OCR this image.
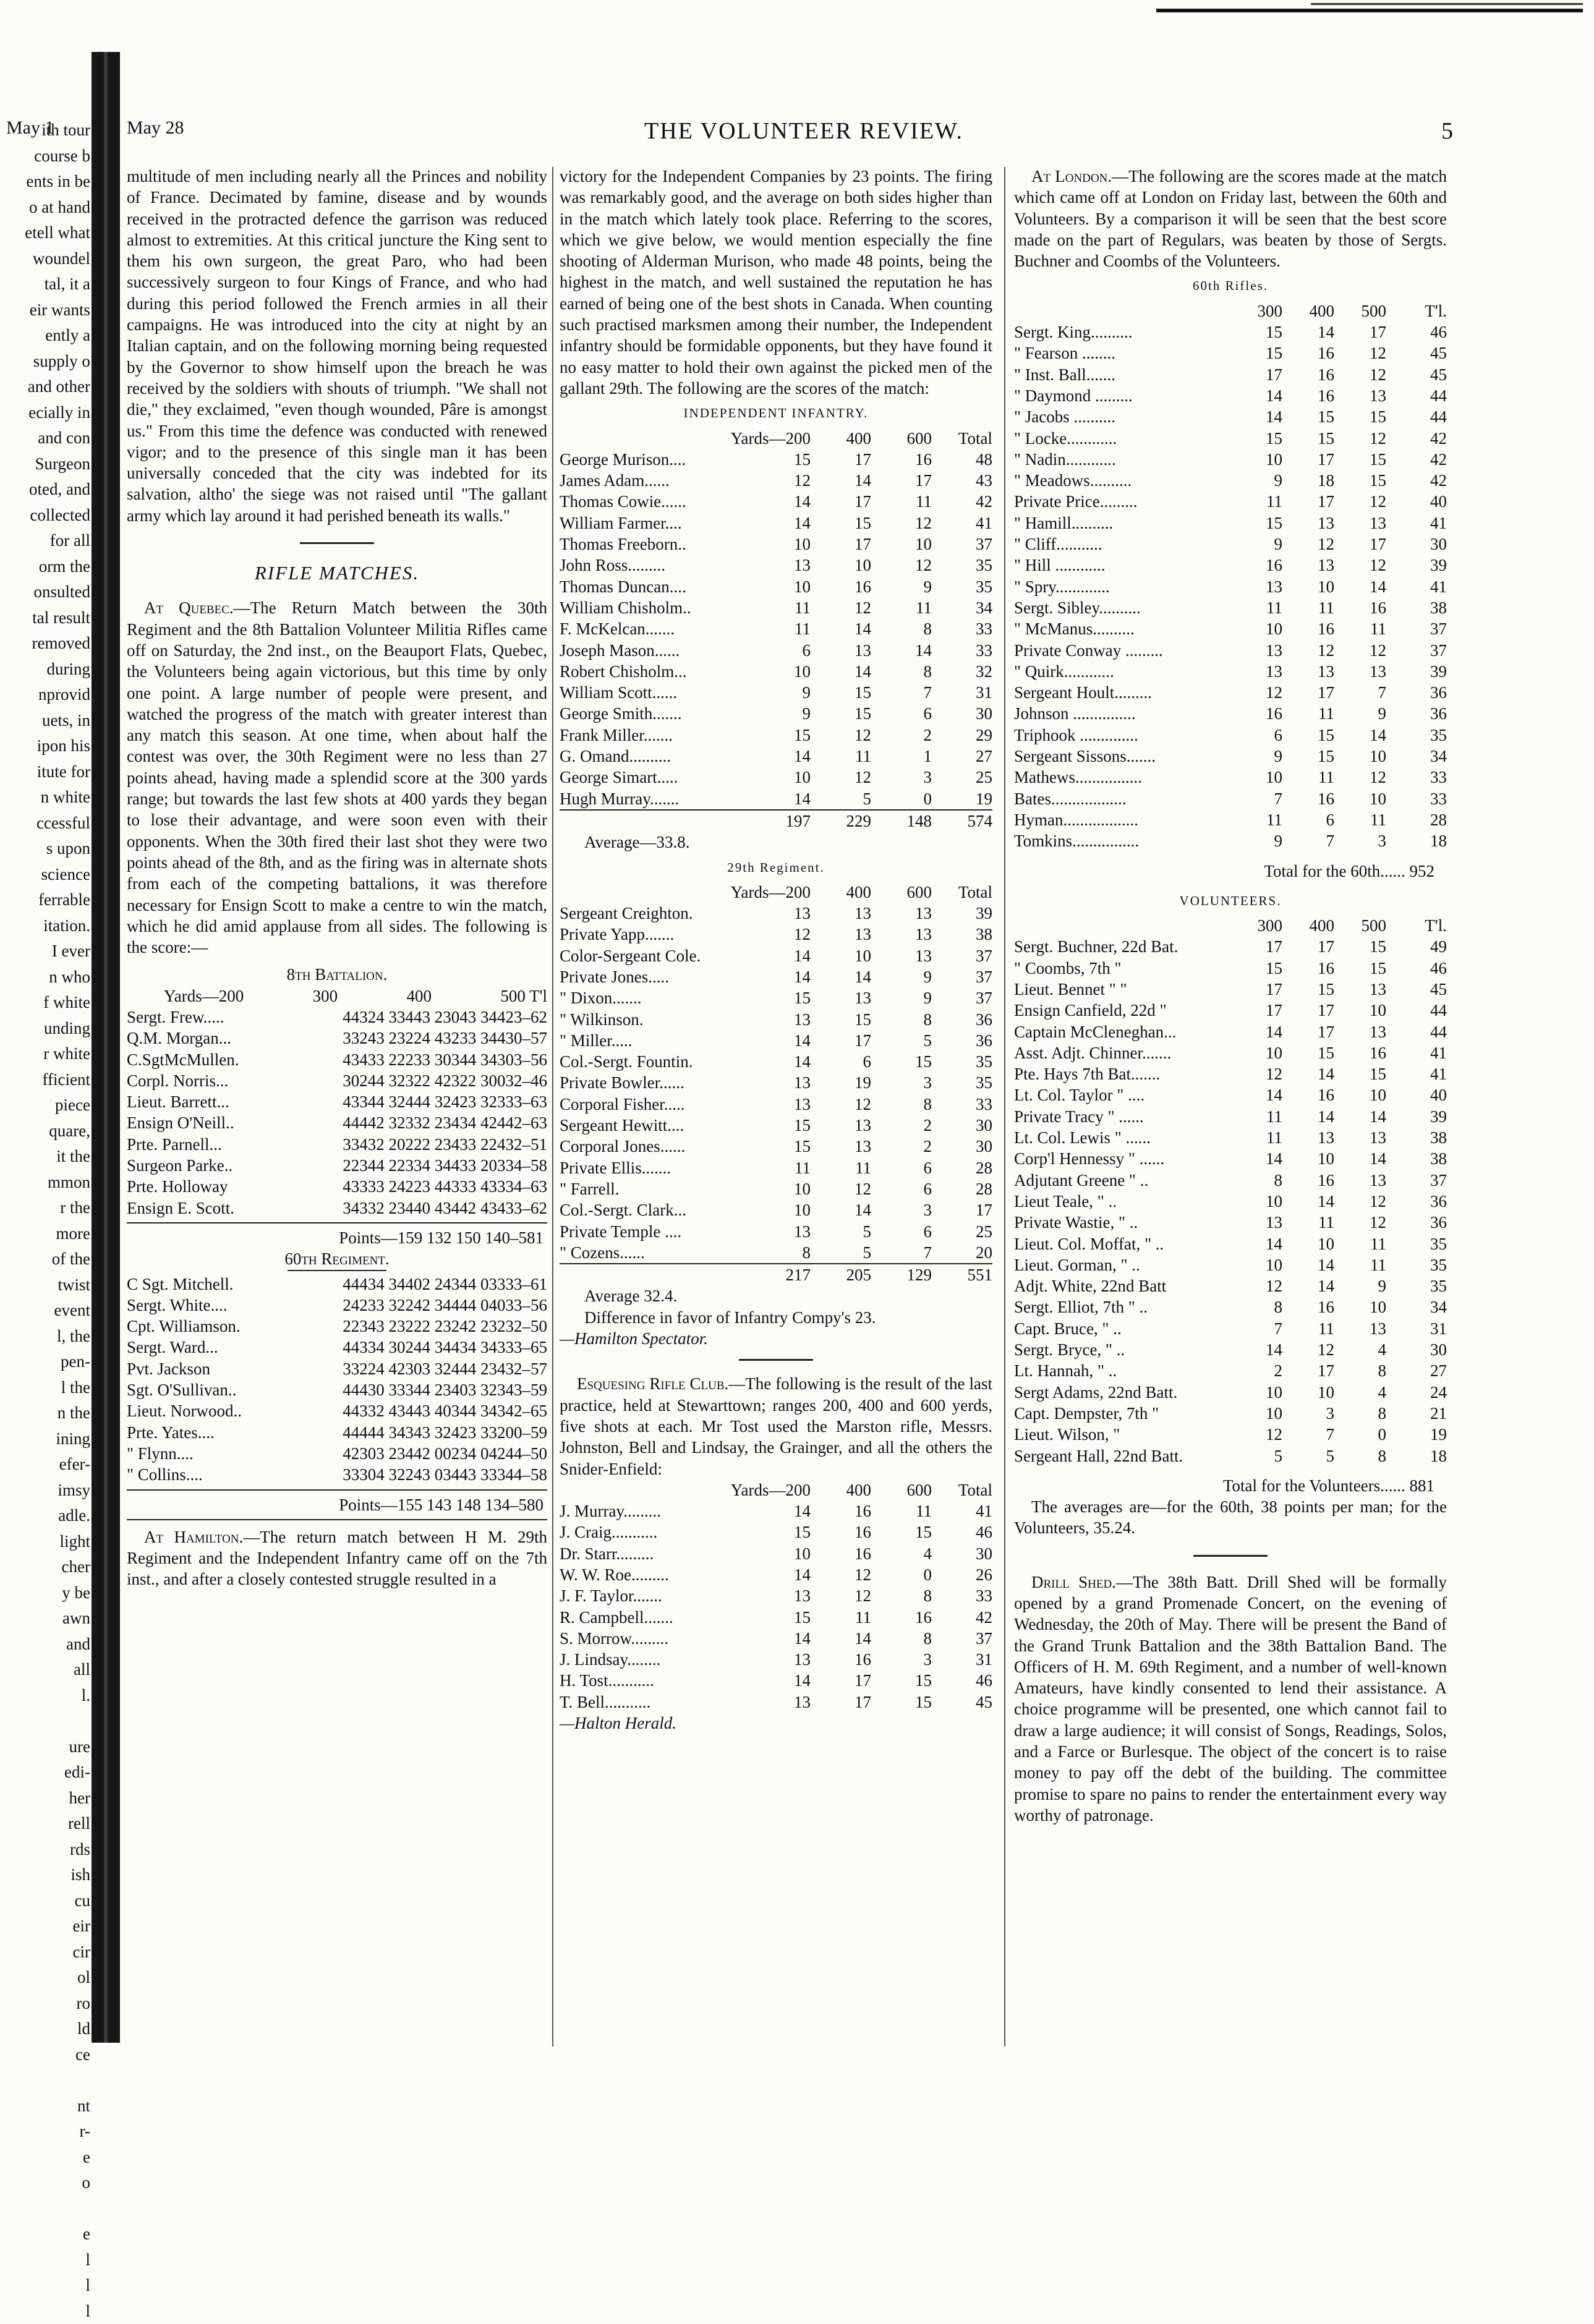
ith tour
course b
ents in be
o at hand
etell what
woundel
tal, it a
eir wants
ently a
supply o
and other
ecially in
and con
Surgeon
oted, and
collected
for all
orm the
onsulted
tal result
removed
during
nprovid
uets, in
ipon his
itute for
n white
ccessful
s upon
science
ferrable
itation.
I ever
n who
f white
unding
r white
fficient
piece
quare,
it the
mmon
r the
more
of the
twist
event
l, the
pen-
l the
n the
ining
efer-
imsy
adle.
light
cher
y be
awn
and
all
l.
ure
edi-
her
rell
rds
ish
cu
eir
cir
ol
ro
ld
ce
nt
r-
e
o
e
l
l
l
May 1	May 28	THE VOLUNTEER REVIEW.	5

multitude of men including nearly all the Princes and nobility of France. Decimated by famine, disease and by wounds received in the protracted defence the garrison was reduced almost to extremities. At this critical juncture the King sent to them his own surgeon, the great Paro, who had been successively surgeon to four Kings of France, and who had during this period followed the French armies in all their campaigns. He was introduced into the city at night by an Italian captain, and on the following morning being requested by the Governor to show himself upon the breach he was received by the soldiers with shouts of triumph. "We shall not die," they exclaimed, "even though wounded, Pâre is amongst us." From this time the defence was conducted with renewed vigor; and to the presence of this single man it has been universally conceded that the city was indebted for its salvation, altho' the siege was not raised until "The gallant army which lay around it had perished beneath its walls."

RIFLE MATCHES.

At Quebec.—The Return Match between the 30th Regiment and the 8th Battalion Volunteer Militia Rifles came off on Saturday, the 2nd inst., on the Beauport Flats, Quebec, the Volunteers being again victorious, but this time by only one point. A large number of people were present, and watched the progress of the match with greater interest than any match this season. At one time, when about half the contest was over, the 30th Regiment were no less than 27 points ahead, having made a splendid score at the 300 yards range; but towards the last few shots at 400 yards they began to lose their advantage, and were soon even with their opponents. When the 30th fired their last shot they were two points ahead of the 8th, and as the firing was in alternate shots from each of the competing battalions, it was therefore necessary for Ensign Scott to make a centre to win the match, which he did amid applause from all sides. The following is the score:—

8th Battalion.
Yards—200	300	400	500 T'l
Sergt. Frew.....	44324 33443 23043 34423–62
Q.M. Morgan...	33243 23224 43233 34430–57
C.SgtMcMullen.	43433 22233 30344 34303–56
Corpl. Norris...	30244 32322 42322 30032–46
Lieut. Barrett...	43344 32444 32423 32333–63
Ensign O'Neill..	44442 32332 23434 42442–63
Prte. Parnell...	33432 20222 23433 22432–51
Surgeon Parke..	22344 22334 34433 20334–58
Prte. Holloway	43333 24223 44333 43334–63
Ensign E. Scott.	34332 23440 43442 43433–62
Points—159 132 150 140–581
60th Regiment.
C Sgt. Mitchell.	44434 34402 24344 03333–61
Sergt. White....	24233 32242 34444 04033–56
Cpt. Williamson.	22343 23222 23242 23232–50
Sergt. Ward...	44334 30244 34434 34333–65
Pvt. Jackson	33224 42303 32444 23432–57
Sgt. O'Sullivan..	44430 33344 23403 32343–59
Lieut. Norwood..	44332 43443 40344 34342–65
Prte. Yates....	44444 34343 32423 33200–59
" Flynn....	42303 23442 00234 04244–50
" Collins....	33304 32243 03443 33344–58
Points—155 143 148 134–580

At Hamilton.—The return match between H M. 29th Regiment and the Independent Infantry came off on the 7th inst., and after a closely contested struggle resulted in a

victory for the Independent Companies by 23 points. The firing was remarkably good, and the average on both sides higher than in the match which lately took place. Referring to the scores, which we give below, we would mention especially the fine shooting of Alderman Murison, who made 48 points, being the highest in the match, and well sustained the reputation he has earned of being one of the best shots in Canada. When counting such practised marksmen among their number, the Independent infantry should be formidable opponents, but they have found it no easy matter to hold their own against the picked men of the gallant 29th. The following are the scores of the match:

INDEPENDENT INFANTRY.
Yards—200		400	600	Total
George Murison....	15	17	16	48
James Adam......	12	14	17	43
Thomas Cowie......	14	17	11	42
William Farmer....	14	15	12	41
Thomas Freeborn..	10	17	10	37
John Ross.........	13	10	12	35
Thomas Duncan....	10	16	9	35
William Chisholm..	11	12	11	34
F. McKelcan.......	11	14	8	33
Joseph Mason......	6	13	14	33
Robert Chisholm...	10	14	8	32
William Scott......	9	15	7	31
George Smith.......	9	15	6	30
Frank Miller.......	15	12	2	29
G. Omand..........	14	11	1	27
George Simart.....	10	12	3	25
Hugh Murray.......	14	5	0	19
	197	229	148	574
Average—33.8.
29th Regiment.
Yards—200		400	600	Total
Sergeant Creighton.	13	13	13	39
Private Yapp.......	12	13	13	38
Color-Sergeant Cole.	14	10	13	37
Private Jones.....	14	14	9	37
" Dixon.......	15	13	9	37
" Wilkinson.	13	15	8	36
" Miller.....	14	17	5	36
Col.-Sergt. Fountin.	14	6	15	35
Private Bowler......	13	19	3	35
Corporal Fisher.....	13	12	8	33
Sergeant Hewitt....	15	13	2	30
Corporal Jones......	15	13	2	30
Private Ellis.......	11	11	6	28
" Farrell.	10	12	6	28
Col.-Sergt. Clark...	10	14	3	17
Private Temple ....	13	5	6	25
" Cozens......	8	5	7	20
	217	205	129	551
Average 32.4.
Difference in favor of Infantry Compy's 23.
—Hamilton Spectator.

Esquesing Rifle Club.—The following is the result of the last practice, held at Stewarttown; ranges 200, 400 and 600 yerds, five shots at each. Mr Tost used the Marston rifle, Messrs. Johnston, Bell and Lindsay, the Grainger, and all the others the Snider-Enfield:

Yards—200		400	600	Total
J. Murray.........	14	16	11	41
J. Craig...........	15	16	15	46
Dr. Starr.........	10	16	4	30
W. W. Roe.........	14	12	0	26
J. F. Taylor.......	13	12	8	33
R. Campbell.......	15	11	16	42
S. Morrow.........	14	14	8	37
J. Lindsay........	13	16	3	31
H. Tost...........	14	17	15	46
T. Bell...........	13	17	15	45
—Halton Herald.

At London.—The following are the scores made at the match which came off at London on Friday last, between the 60th and Volunteers. By a comparison it will be seen that the best score made on the part of Regulars, was beaten by those of Sergts. Buchner and Coombs of the Volunteers.

60th Rifles.
	300	400	500	T'l.
Sergt. King..........	15	14	17	46
" Fearson ........	15	16	12	45
" Inst. Ball.......	17	16	12	45
" Daymond .........	14	16	13	44
" Jacobs ..........	14	15	15	44
" Locke............	15	15	12	42
" Nadin............	10	17	15	42
" Meadows..........	9	18	15	42
Private Price.........	11	17	12	40
" Hamill..........	15	13	13	41
" Cliff...........	9	12	17	30
" Hill ............	16	13	12	39
" Spry.............	13	10	14	41
Sergt. Sibley..........	11	11	16	38
" McManus..........	10	16	11	37
Private Conway .........	13	12	12	37
" Quirk............	13	13	13	39
Sergeant Hoult.........	12	17	7	36
Johnson ...............	16	11	9	36
Triphook ..............	6	15	14	35
Sergeant Sissons.......	9	15	10	34
Mathews................	10	11	12	33
Bates..................	7	16	10	33
Hyman..................	11	6	11	28
Tomkins................	9	7	3	18
Total for the 60th...... 952
VOLUNTEERS.
	300	400	500	T'l.
Sergt. Buchner, 22d Bat.	17	17	15	49
" Coombs, 7th "	15	16	15	46
Lieut. Bennet " "	17	15	13	45
Ensign Canfield, 22d "	17	17	10	44
Captain McCleneghan...	14	17	13	44
Asst. Adjt. Chinner.......	10	15	16	41
Pte. Hays 7th Bat.......	12	14	15	41
Lt. Col. Taylor " ....	14	16	10	40
Private Tracy " ......	11	14	14	39
Lt. Col. Lewis " ......	11	13	13	38
Corp'l Hennessy " ......	14	10	14	38
Adjutant Greene " ..	8	16	13	37
Lieut Teale, " ..	10	14	12	36
Private Wastie, " ..	13	11	12	36
Lieut. Col. Moffat, " ..	14	10	11	35
Lieut. Gorman, " ..	10	14	11	35
Adjt. White, 22nd Batt	12	14	9	35
Sergt. Elliot, 7th " ..	8	16	10	34
Capt. Bruce, " ..	7	11	13	31
Sergt. Bryce, " ..	14	12	4	30
Lt. Hannah, " ..	2	17	8	27
Sergt Adams, 22nd Batt.	10	10	4	24
Capt. Dempster, 7th "	10	3	8	21
Lieut. Wilson, "	12	7	0	19
Sergeant Hall, 22nd Batt.	5	5	8	18
Total for the Volunteers...... 881

The averages are—for the 60th, 38 points per man; for the Volunteers, 35.24.

Drill Shed.—The 38th Batt. Drill Shed will be formally opened by a grand Promenade Concert, on the evening of Wednesday, the 20th of May. There will be present the Band of the Grand Trunk Battalion and the 38th Battalion Band. The Officers of H. M. 69th Regiment, and a number of well-known Amateurs, have kindly consented to lend their assistance. A choice programme will be presented, one which cannot fail to draw a large audience; it will consist of Songs, Readings, Solos, and a Farce or Burlesque. The object of the concert is to raise money to pay off the debt of the building. The committee promise to spare no pains to render the entertainment every way worthy of patronage.
